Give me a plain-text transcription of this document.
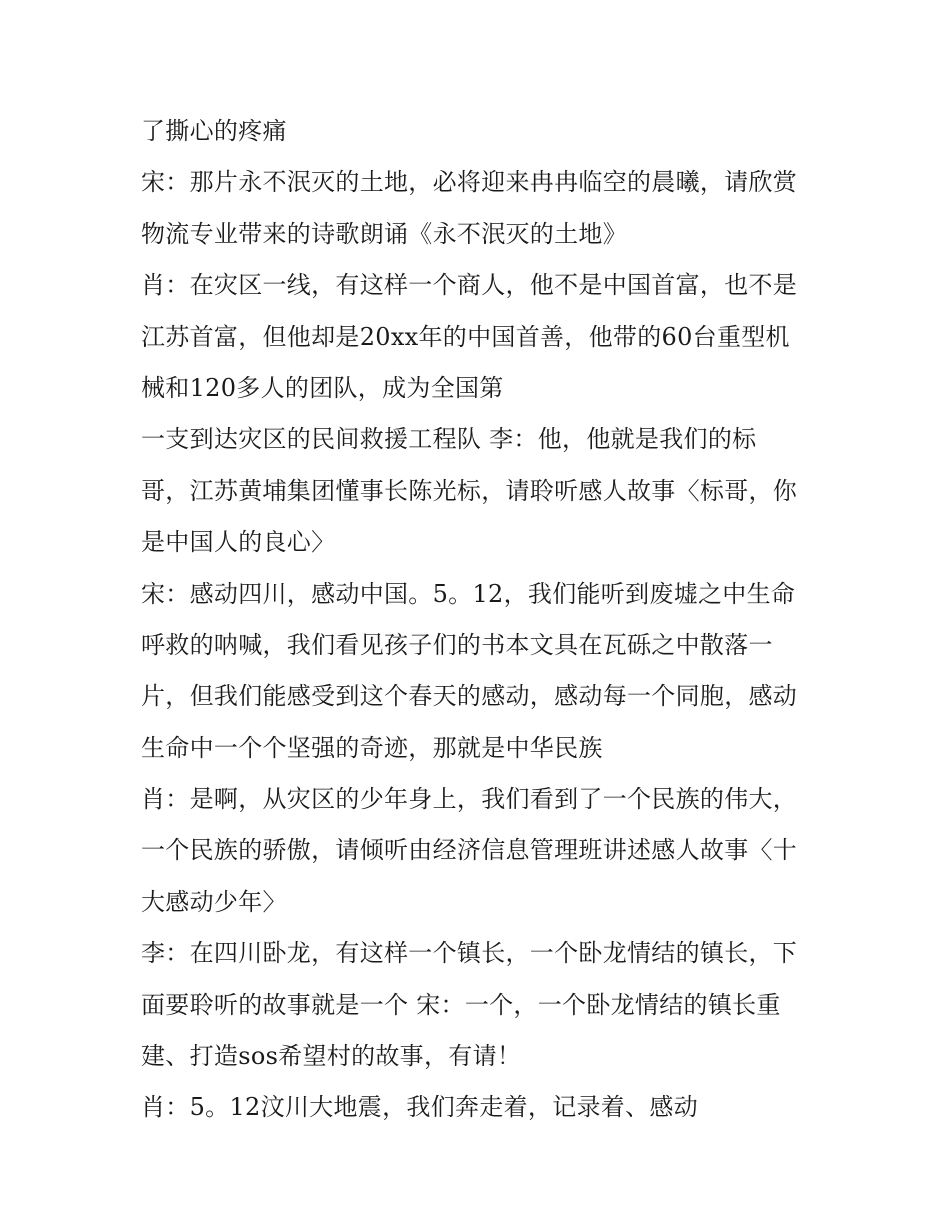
了撕心的疼痛
宋：那片永不泯灭的土地，必将迎来冉冉临空的晨曦，请欣赏
物流专业带来的诗歌朗诵《永不泯灭的土地》
肖：在灾区一线，有这样一个商人，他不是中国首富，也不是
江苏首富，但他却是20xx年的中国首善，他带的60台重型机
械和120多人的团队，成为全国第
一支到达灾区的民间救援工程队 李：他，他就是我们的标
哥，江苏黄埔集团懂事长陈光标，请聆听感人故事〈标哥，你
是中国人的良心〉
宋：感动四川，感动中国。5。12，我们能听到废墟之中生命
呼救的呐喊，我们看见孩子们的书本文具在瓦砾之中散落一
片，但我们能感受到这个春天的感动，感动每一个同胞，感动
生命中一个个坚强的奇迹，那就是中华民族
肖：是啊，从灾区的少年身上，我们看到了一个民族的伟大，
一个民族的骄傲，请倾听由经济信息管理班讲述感人故事〈十
大感动少年〉
李：在四川卧龙，有这样一个镇长，一个卧龙情结的镇长，下
面要聆听的故事就是一个 宋：一个，一个卧龙情结的镇长重
建、打造sos希望村的故事，有请！
肖：5。12汶川大地震，我们奔走着，记录着、感动
